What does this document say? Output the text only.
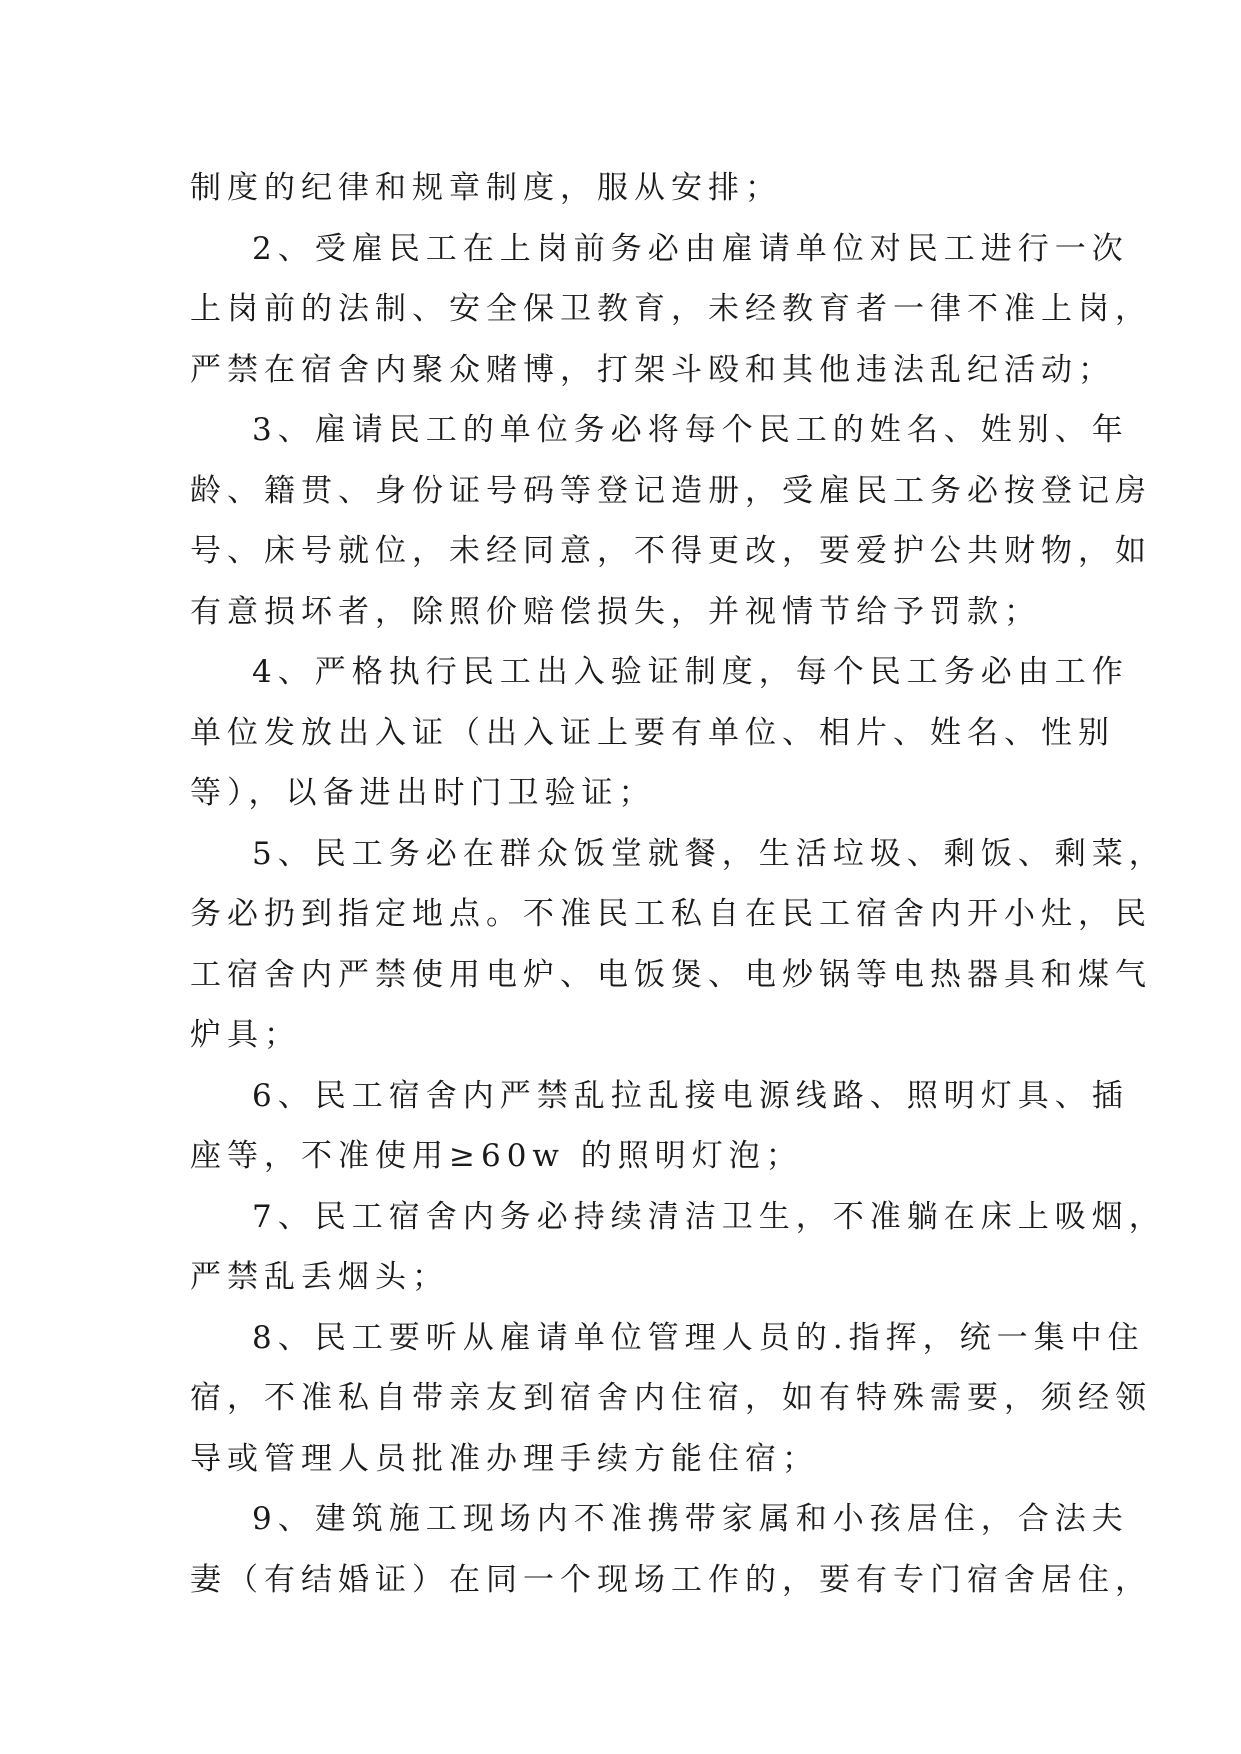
制度的纪律和规章制度，服从安排；
2、受雇民工在上岗前务必由雇请单位对民工进行一次
上岗前的法制、安全保卫教育，未经教育者一律不准上岗，
严禁在宿舍内聚众赌博，打架斗殴和其他违法乱纪活动；
3、雇请民工的单位务必将每个民工的姓名、姓别、年
龄、籍贯、身份证号码等登记造册，受雇民工务必按登记房
号、床号就位，未经同意，不得更改，要爱护公共财物，如
有意损坏者，除照价赔偿损失，并视情节给予罚款；
4、严格执行民工出入验证制度，每个民工务必由工作
单位发放出入证（出入证上要有单位、相片、姓名、性别
等），以备进出时门卫验证；
5、民工务必在群众饭堂就餐，生活垃圾、剩饭、剩菜，
务必扔到指定地点。不准民工私自在民工宿舍内开小灶，民
工宿舍内严禁使用电炉、电饭煲、电炒锅等电热器具和煤气
炉具；
6、民工宿舍内严禁乱拉乱接电源线路、照明灯具、插
座等，不准使用≥60w 的照明灯泡；
7、民工宿舍内务必持续清洁卫生，不准躺在床上吸烟，
严禁乱丢烟头；
8、民工要听从雇请单位管理人员的.指挥，统一集中住
宿，不准私自带亲友到宿舍内住宿，如有特殊需要，须经领
导或管理人员批准办理手续方能住宿；
9、建筑施工现场内不准携带家属和小孩居住，合法夫
妻（有结婚证）在同一个现场工作的，要有专门宿舍居住，
